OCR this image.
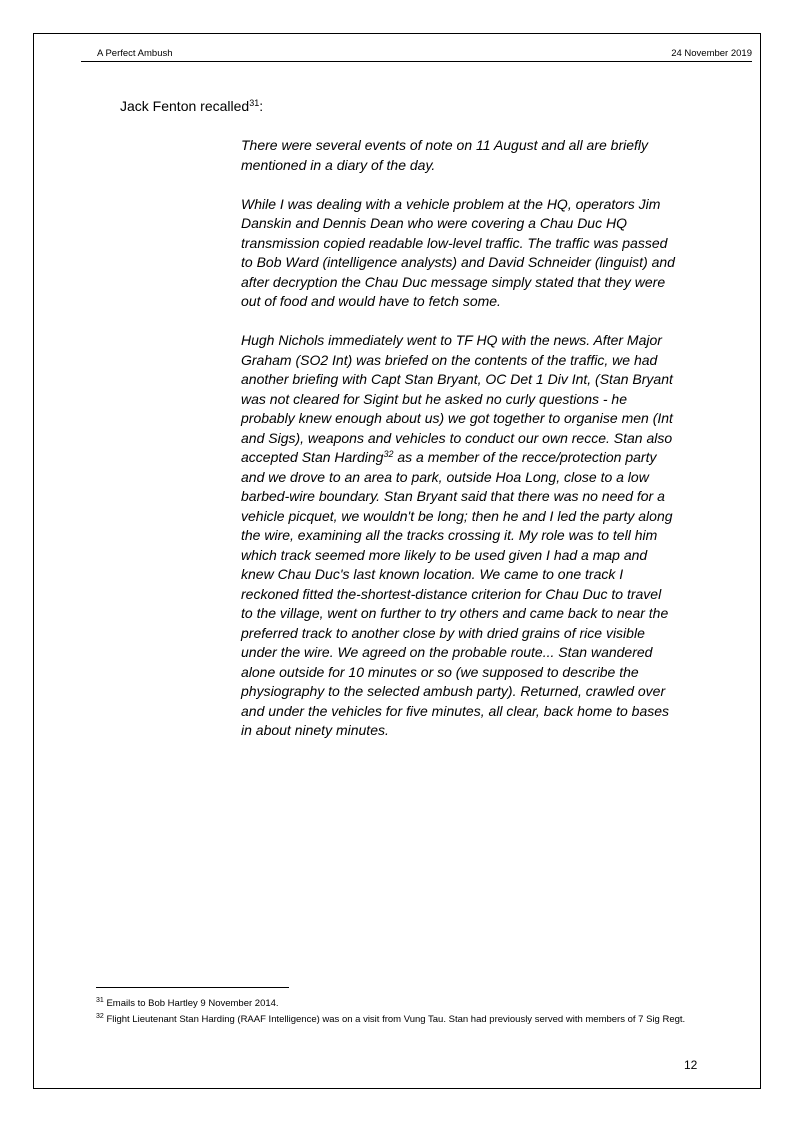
A Perfect Ambush	24 November 2019
Jack Fenton recalled$^{31}$:

There were several events of note on 11 August and all are briefly
mentioned in a diary of the day.

While I was dealing with a vehicle problem at the HQ, operators Jim
Danskin and Dennis Dean who were covering a Chau Duc HQ
transmission copied readable low-level traffic. The traffic was passed
to Bob Ward (intelligence analysts) and David Schneider (linguist) and
after decryption the Chau Duc message simply stated that they were
out of food and would have to fetch some.

Hugh Nichols immediately went to TF HQ with the news. After Major
Graham (SO2 Int) was briefed on the contents of the traffic, we had
another briefing with Capt Stan Bryant, OC Det 1 Div Int, (Stan Bryant
was not cleared for Sigint but he asked no curly questions - he
probably knew enough about us) we got together to organise men (Int
and Sigs), weapons and vehicles to conduct our own recce. Stan also
accepted Stan Harding$^{32}$ as a member of the recce/protection party
and we drove to an area to park, outside Hoa Long, close to a low
barbed-wire boundary. Stan Bryant said that there was no need for a
vehicle picquet, we wouldn't be long; then he and I led the party along
the wire, examining all the tracks crossing it. My role was to tell him
which track seemed more likely to be used given I had a map and
knew Chau Duc's last known location. We came to one track I
reckoned fitted the-shortest-distance criterion for Chau Duc to travel
to the village, went on further to try others and came back to near the
preferred track to another close by with dried grains of rice visible
under the wire. We agreed on the probable route... Stan wandered
alone outside for 10 minutes or so (we supposed to describe the
physiography to the selected ambush party). Returned, crawled over
and under the vehicles for five minutes, all clear, back home to bases
in about ninety minutes.

$^{31}$ Emails to Bob Hartley 9 November 2014.
$^{32}$ Flight Lieutenant Stan Harding (RAAF Intelligence) was on a visit from Vung Tau. Stan had previously served with members of 7 Sig Regt.
12
